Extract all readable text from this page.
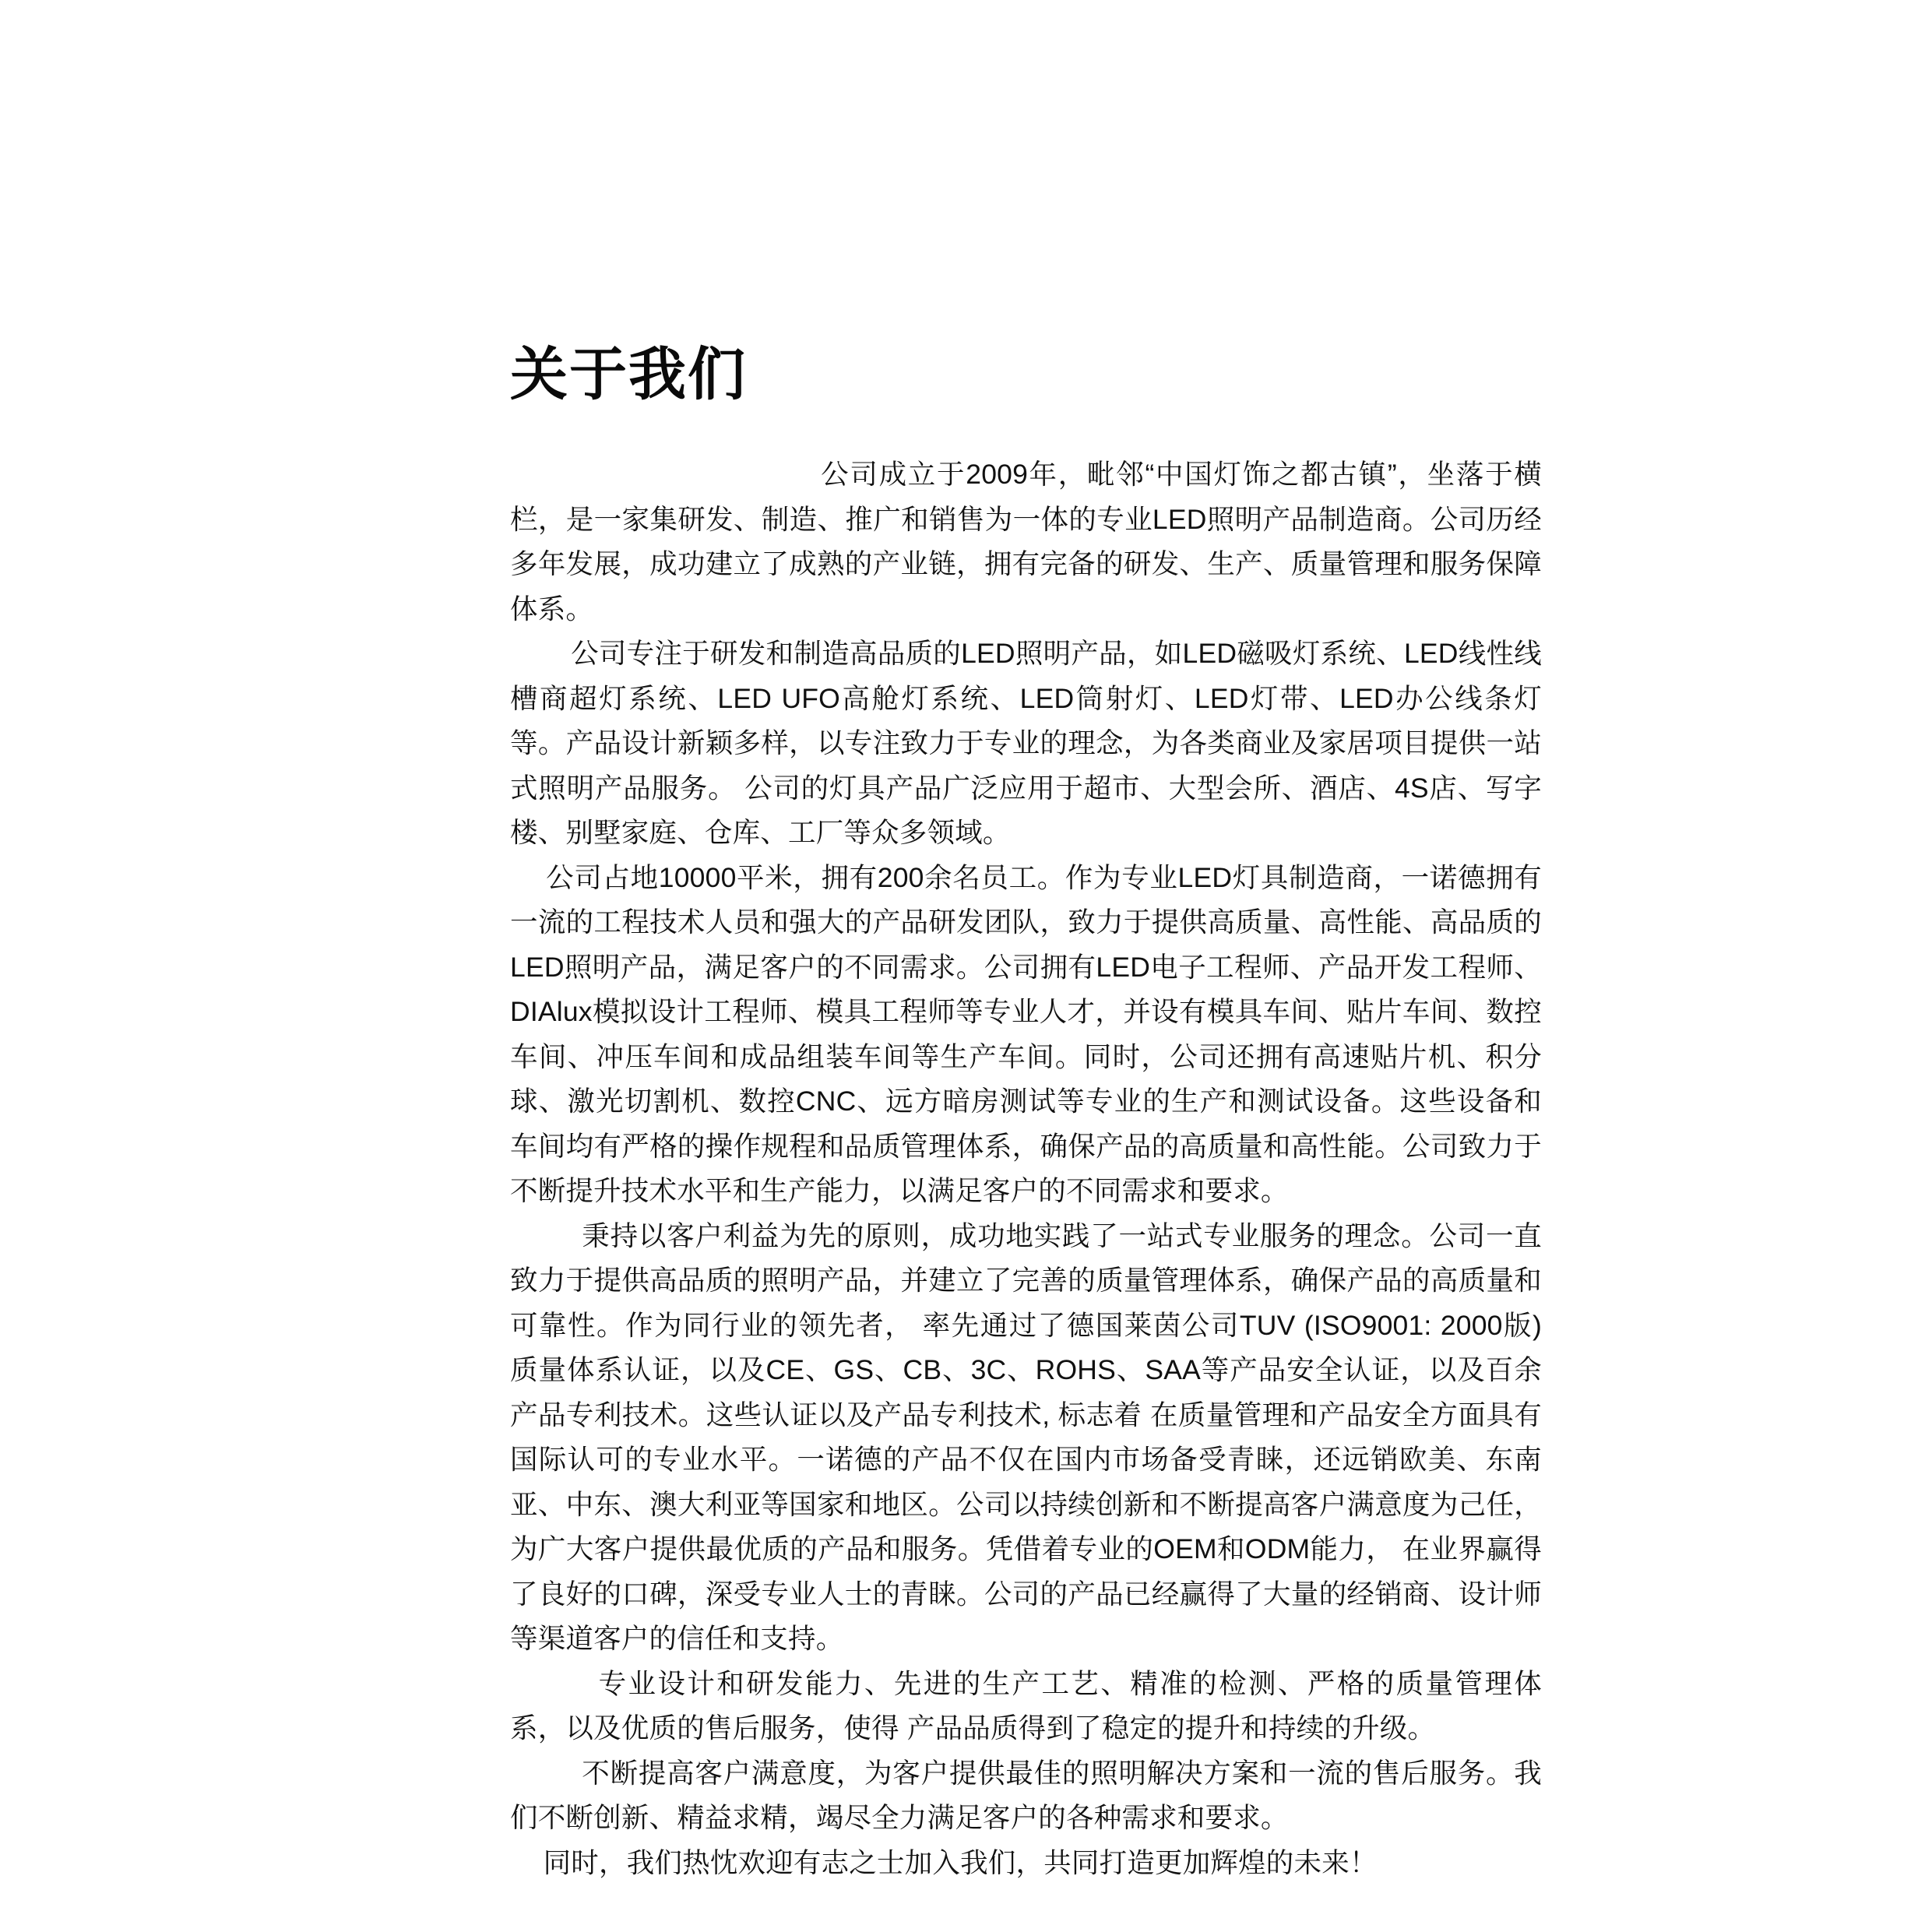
关于我们

公司成立于2009年，毗邻“中国灯饰之都古镇”，坐落于横栏，是一家集研发、制造、推广和销售为一体的专业LED照明产品制造商。公司历经多年发展，成功建立了成熟的产业链，拥有完备的研发、生产、质量管理和服务保障体系。

公司专注于研发和制造高品质的LED照明产品，如LED磁吸灯系统、LED线性线槽商超灯系统、LED UFO高舱灯系统、LED筒射灯、LED灯带、LED办公线条灯等。产品设计新颖多样，以专注致力于专业的理念，为各类商业及家居项目提供一站式照明产品服务。 公司的灯具产品广泛应用于超市、大型会所、酒店、4S店、写字楼、别墅家庭、仓库、工厂等众多领域。

公司占地10000平米，拥有200余名员工。作为专业LED灯具制造商，一诺德拥有一流的工程技术人员和强大的产品研发团队，致力于提供高质量、高性能、高品质的LED照明产品，满足客户的不同需求。公司拥有LED电子工程师、产品开发工程师、DIAlux模拟设计工程师、模具工程师等专业人才，并设有模具车间、贴片车间、数控车间、冲压车间和成品组装车间等生产车间。同时，公司还拥有高速贴片机、积分球、激光切割机、数控CNC、远方暗房测试等专业的生产和测试设备。这些设备和车间均有严格的操作规程和品质管理体系，确保产品的高质量和高性能。公司致力于不断提升技术水平和生产能力，以满足客户的不同需求和要求。

秉持以客户利益为先的原则，成功地实践了一站式专业服务的理念。公司一直致力于提供高品质的照明产品，并建立了完善的质量管理体系，确保产品的高质量和可靠性。作为同行业的领先者， 率先通过了德国莱茵公司TUV (ISO9001: 2000版) 质量体系认证，以及CE、GS、CB、3C、ROHS、SAA等产品安全认证，以及百余产品专利技术。这些认证以及产品专利技术, 标志着 在质量管理和产品安全方面具有国际认可的专业水平。一诺德的产品不仅在国内市场备受青睐，还远销欧美、东南亚、中东、澳大利亚等国家和地区。公司以持续创新和不断提高客户满意度为己任，为广大客户提供最优质的产品和服务。凭借着专业的OEM和ODM能力， 在业界赢得了良好的口碑，深受专业人士的青睐。公司的产品已经赢得了大量的经销商、设计师等渠道客户的信任和支持。

专业设计和研发能力、先进的生产工艺、精准的检测、严格的质量管理体系，以及优质的售后服务，使得 产品品质得到了稳定的提升和持续的升级。

不断提高客户满意度，为客户提供最佳的照明解决方案和一流的售后服务。我们不断创新、精益求精，竭尽全力满足客户的各种需求和要求。

同时，我们热忱欢迎有志之士加入我们，共同打造更加辉煌的未来！
